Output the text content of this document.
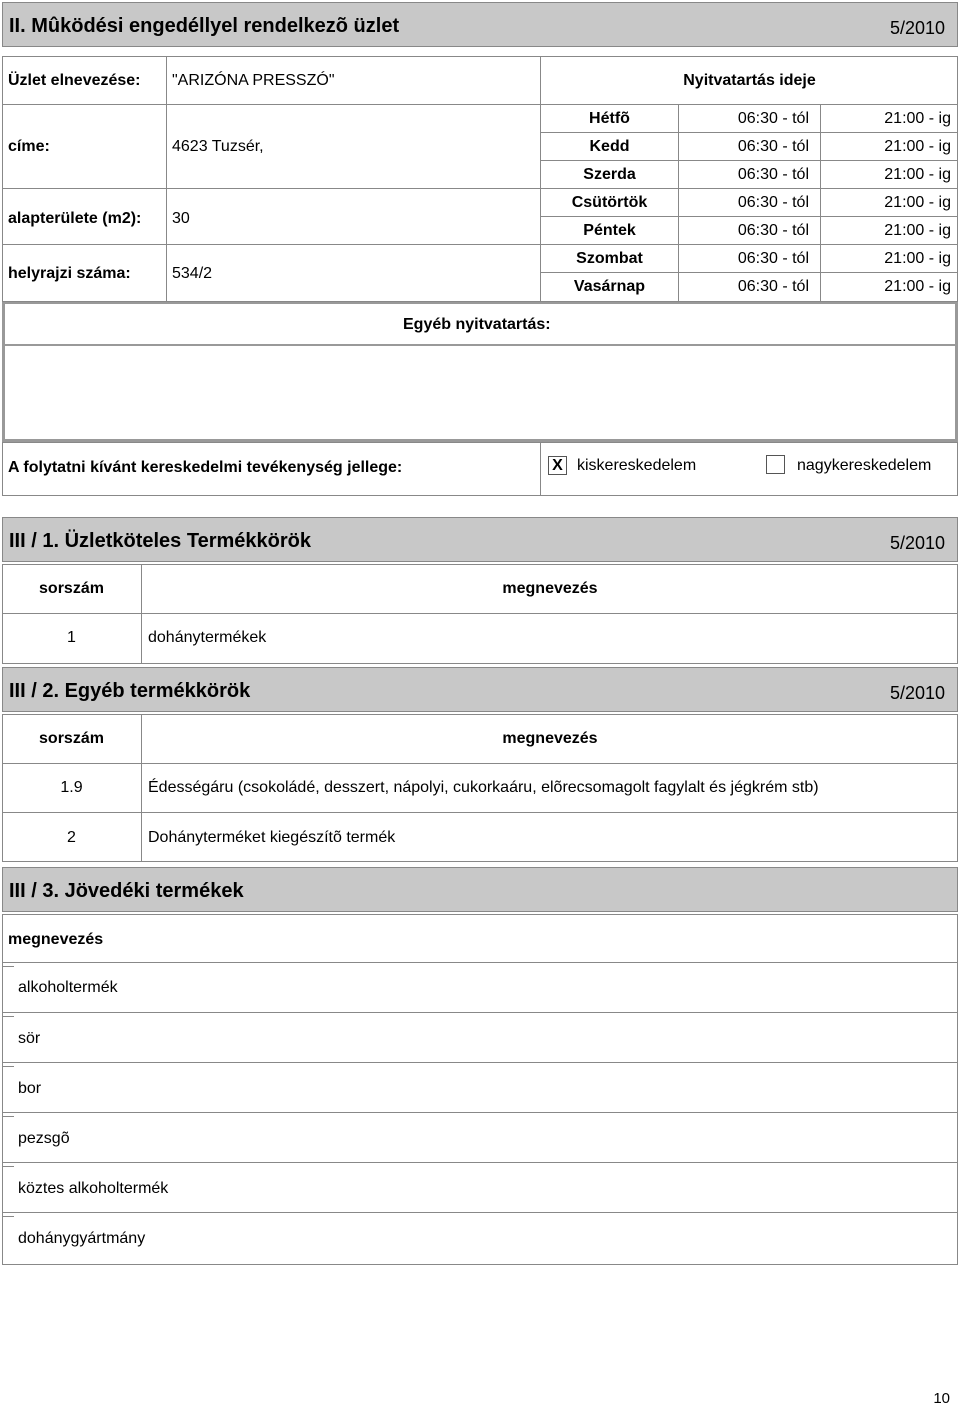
II. Mûködési engedéllyel rendelkezõ üzlet	5/2010
Üzlet elnevezése: "ARIZÓNA PRESSZÓ"	Nyitvatartás ideje
címe:	4623 Tuzsér,
alapterülete (m2): 30
helyrajzi száma:	534/2
Hétfõ	06:30 - tól	21:00 - ig
Kedd	06:30 - tól	21:00 - ig
Szerda	06:30 - tól	21:00 - ig
Csütörtök	06:30 - tól	21:00 - ig
Péntek	06:30 - tól	21:00 - ig
Szombat	06:30 - tól	21:00 - ig
Vasárnap	06:30 - tól	21:00 - ig
Egyéb nyitvatartás:
A folytatni kívánt kereskedelmi tevékenység jellege:	X kiskereskedelem	nagykereskedelem
III / 1. Üzletköteles Termékkörök	5/2010
sorszám	megnevezés
1	dohánytermékek
III / 2. Egyéb termékkörök	5/2010
sorszám	megnevezés
1.9	Édességáru (csokoládé, desszert, nápolyi, cukorkaáru, elõrecsomagolt fagylalt és jégkrém stb)
2	Dohányterméket kiegészítõ termék
III / 3. Jövedéki termékek
megnevezés
alkoholtermék
sör
bor
pezsgõ
köztes alkoholtermék
dohánygyártmány
10
